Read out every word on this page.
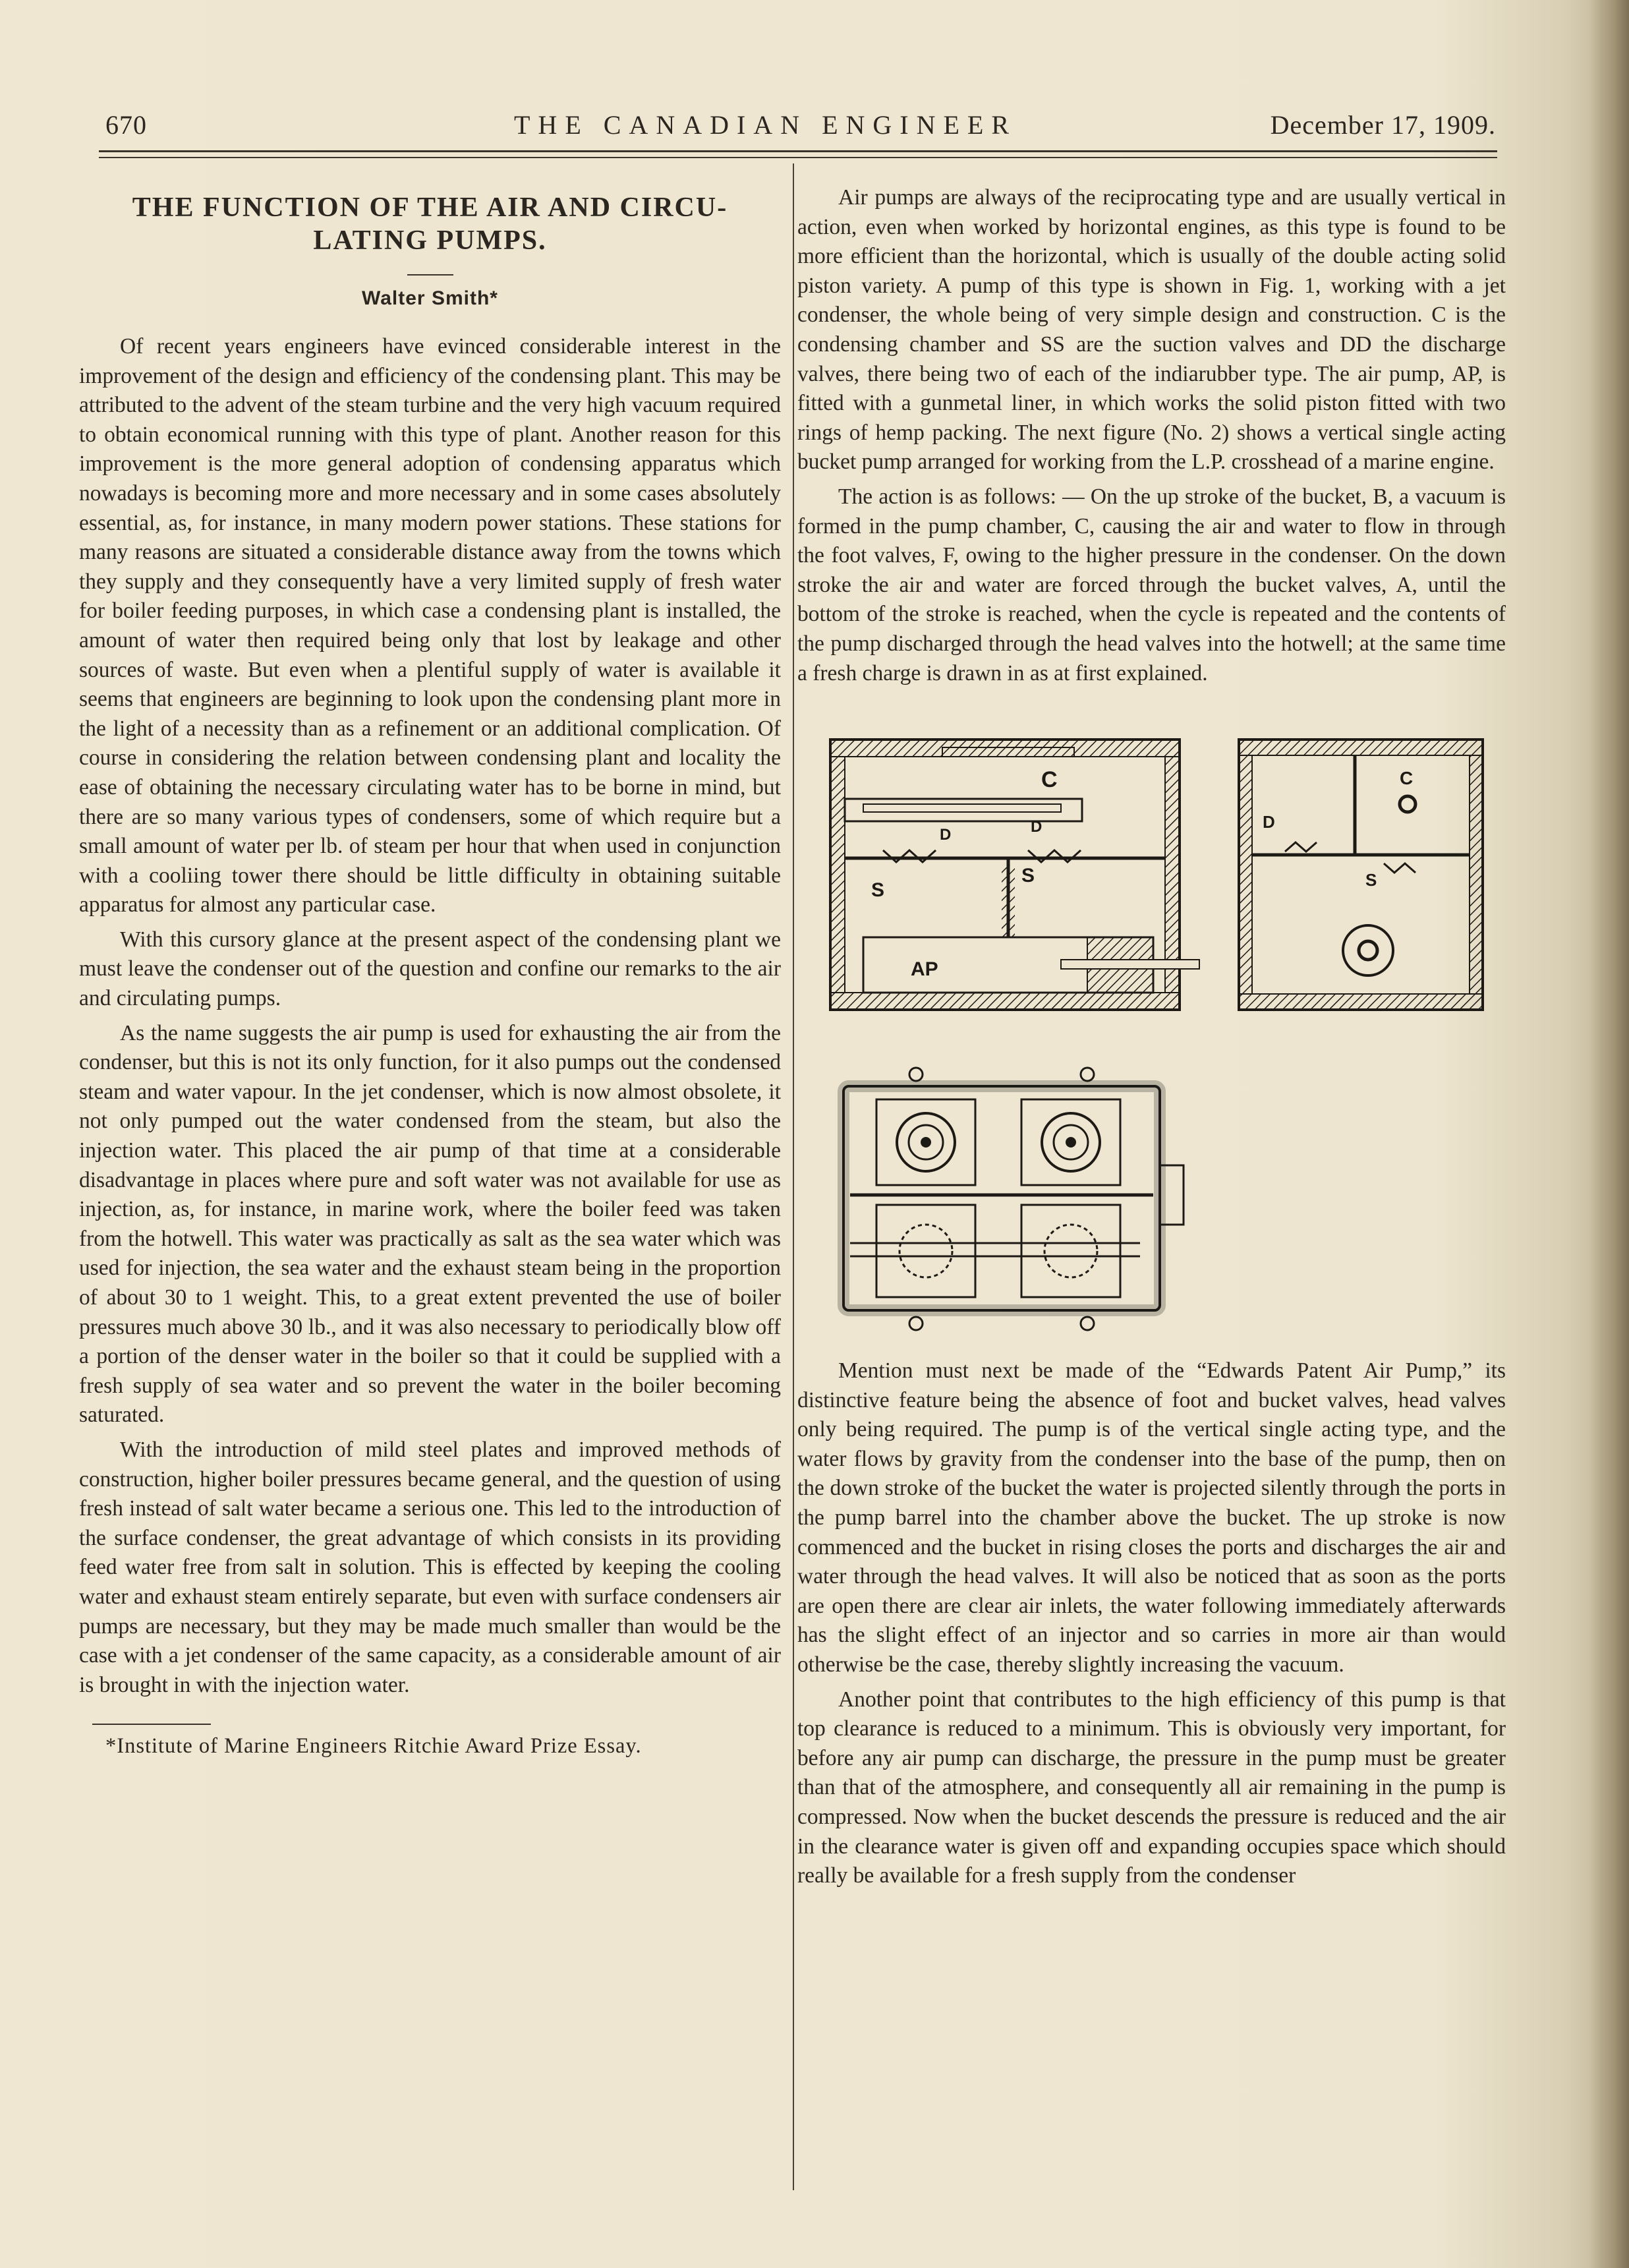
670	THE CANADIAN ENGINEER	December 17, 1909.
THE FUNCTION OF THE AIR AND CIRCU-
LATING PUMPS.
Walter Smith*

Of recent years engineers have evinced considerable interest in the improvement of the design and efficiency of the condensing plant. This may be attributed to the advent of the steam turbine and the very high vacuum required to obtain economical running with this type of plant. Another reason for this improvement is the more general adoption of condensing apparatus which nowadays is becoming more and more necessary and in some cases absolutely essential, as, for instance, in many modern power stations. These stations for many reasons are situated a considerable distance away from the towns which they supply and they consequently have a very limited supply of fresh water for boiler feeding purposes, in which case a condensing plant is installed, the amount of water then required being only that lost by leakage and other sources of waste. But even when a plentiful supply of water is available it seems that engineers are beginning to look upon the condensing plant more in the light of a necessity than as a refinement or an additional complication. Of course in considering the relation between condensing plant and locality the ease of obtaining the necessary circulating water has to be borne in mind, but there are so many various types of condensers, some of which require but a small amount of water per lb. of steam per hour that when used in conjunction with a cooliing tower there should be little difficulty in obtaining suitable apparatus for almost any particular case.

With this cursory glance at the present aspect of the condensing plant we must leave the condenser out of the question and confine our remarks to the air and circulating pumps.

As the name suggests the air pump is used for exhausting the air from the condenser, but this is not its only function, for it also pumps out the condensed steam and water vapour. In the jet condenser, which is now almost obsolete, it not only pumped out the water condensed from the steam, but also the injection water. This placed the air pump of that time at a considerable disadvantage in places where pure and soft water was not available for use as injection, as, for instance, in marine work, where the boiler feed was taken from the hotwell. This water was practically as salt as the sea water which was used for injection, the sea water and the exhaust steam being in the proportion of about 30 to 1 weight. This, to a great extent prevented the use of boiler pressures much above 30 lb., and it was also necessary to periodically blow off a portion of the denser water in the boiler so that it could be supplied with a fresh supply of sea water and so prevent the water in the boiler becoming saturated.

With the introduction of mild steel plates and improved methods of construction, higher boiler pressures became general, and the question of using fresh instead of salt water became a serious one. This led to the introduction of the surface condenser, the great advantage of which consists in its providing feed water free from salt in solution. This is effected by keeping the cooling water and exhaust steam entirely separate, but even with surface condensers air pumps are necessary, but they may be made much smaller than would be the case with a jet condenser of the same capacity, as a considerable amount of air is brought in with the injection water.

*Institute of Marine Engineers Ritchie Award Prize Essay.

Air pumps are always of the reciprocating type and are usually vertical in action, even when worked by horizontal engines, as this type is found to be more efficient than the horizontal, which is usually of the double acting solid piston variety. A pump of this type is shown in Fig. 1, working with a jet condenser, the whole being of very simple design and construction. C is the condensing chamber and SS are the suction valves and DD the discharge valves, there being two of each of the indiarubber type. The air pump, AP, is fitted with a gunmetal liner, in which works the solid piston fitted with two rings of hemp packing. The next figure (No. 2) shows a vertical single acting bucket pump arranged for working from the L.P. crosshead of a marine engine.

The action is as follows: — On the up stroke of the bucket, B, a vacuum is formed in the pump chamber, C, causing the air and water to flow in through the foot valves, F, owing to the higher pressure in the condenser. On the down stroke the air and water are forced through the bucket valves, A, until the bottom of the stroke is reached, when the cycle is repeated and the contents of the pump discharged through the head valves into the hotwell; at the same time a fresh charge is drawn in as at first explained.

C
D	D
S
S
AP
C
D
S

Mention must next be made of the “Edwards Patent Air Pump,” its distinctive feature being the absence of foot and bucket valves, head valves only being required. The pump is of the vertical single acting type, and the water flows by gravity from the condenser into the base of the pump, then on the down stroke of the bucket the water is projected silently through the ports in the pump barrel into the chamber above the bucket. The up stroke is now commenced and the bucket in rising closes the ports and discharges the air and water through the head valves. It will also be noticed that as soon as the ports are open there are clear air inlets, the water following immediately afterwards has the slight effect of an injector and so carries in more air than would otherwise be the case, thereby slightly increasing the vacuum.

Another point that contributes to the high efficiency of this pump is that top clearance is reduced to a minimum. This is obviously very important, for before any air pump can discharge, the pressure in the pump must be greater than that of the atmosphere, and consequently all air remaining in the pump is compressed. Now when the bucket descends the pressure is reduced and the air in the clearance water is given off and expanding occupies space which should really be available for a fresh supply from the condenser
